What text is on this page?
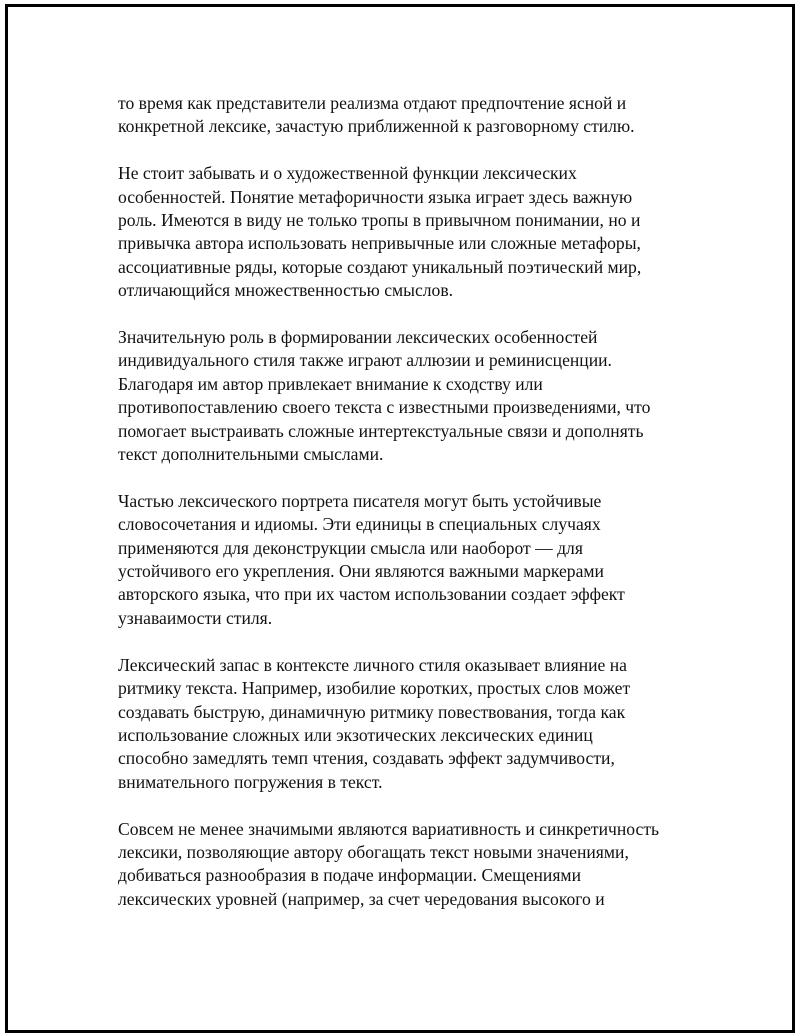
то время как представители реализма отдают предпочтение ясной и
конкретной лексике, зачастую приближенной к разговорному стилю.
Не стоит забывать и о художественной функции лексических
особенностей. Понятие метафоричности языка играет здесь важную
роль. Имеются в виду не только тропы в привычном понимании, но и
привычка автора использовать непривычные или сложные метафоры,
ассоциативные ряды, которые создают уникальный поэтический мир,
отличающийся множественностью смыслов.
Значительную роль в формировании лексических особенностей
индивидуального стиля также играют аллюзии и реминисценции.
Благодаря им автор привлекает внимание к сходству или
противопоставлению своего текста с известными произведениями, что
помогает выстраивать сложные интертекстуальные связи и дополнять
текст дополнительными смыслами.
Частью лексического портрета писателя могут быть устойчивые
словосочетания и идиомы. Эти единицы в специальных случаях
применяются для деконструкции смысла или наоборот — для
устойчивого его укрепления. Они являются важными маркерами
авторского языка, что при их частом использовании создает эффект
узнаваимости стиля.
Лексический запас в контексте личного стиля оказывает влияние на
ритмику текста. Например, изобилие коротких, простых слов может
создавать быструю, динамичную ритмику повествования, тогда как
использование сложных или экзотических лексических единиц
способно замедлять темп чтения, создавать эффект задумчивости,
внимательного погружения в текст.
Совсем не менее значимыми являются вариативность и синкретичность
лексики, позволяющие автору обогащать текст новыми значениями,
добиваться разнообразия в подаче информации. Смещениями
лексических уровней (например, за счет чередования высокого и
